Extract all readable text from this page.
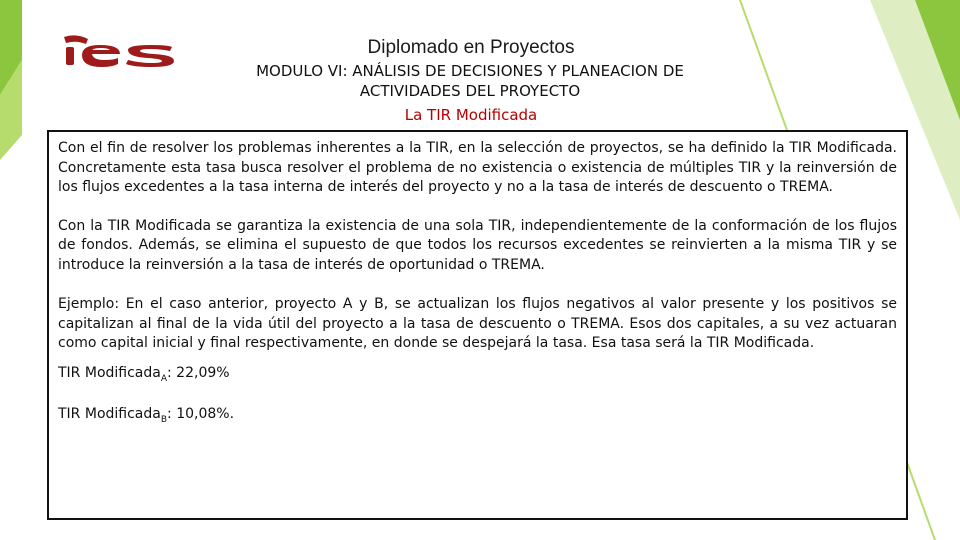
Diplomado en Proyectos
MODULO VI: ANÁLISIS DE DECISIONES Y PLANEACION DE
ACTIVIDADES DEL PROYECTO
La TIR Modificada

Con el fin de resolver los problemas inherentes a la TIR, en la selección de proyectos, se ha definido la TIR Modificada. Concretamente esta tasa busca resolver el problema de no existencia o existencia de múltiples TIR y la reinversión de los flujos excedentes a la tasa interna de interés del proyecto y no a la tasa de interés de descuento o TREMA.

Con la TIR Modificada se garantiza la existencia de una sola TIR, independientemente de la conformación de los flujos de fondos. Además, se elimina el supuesto de que todos los recursos excedentes se reinvierten a la misma TIR y se introduce la reinversión a la tasa de interés de oportunidad o TREMA.

Ejemplo: En el caso anterior, proyecto A y B, se actualizan los flujos negativos al valor presente y los positivos se capitalizan al final de la vida útil del proyecto a la tasa de descuento o TREMA. Esos dos capitales, a su vez actuaran como capital inicial y final respectivamente, en donde se despejará la tasa. Esa tasa será la TIR Modificada.

TIR Modificada$_A$: 22,09%

TIR Modificada$_B$: 10,08%.
